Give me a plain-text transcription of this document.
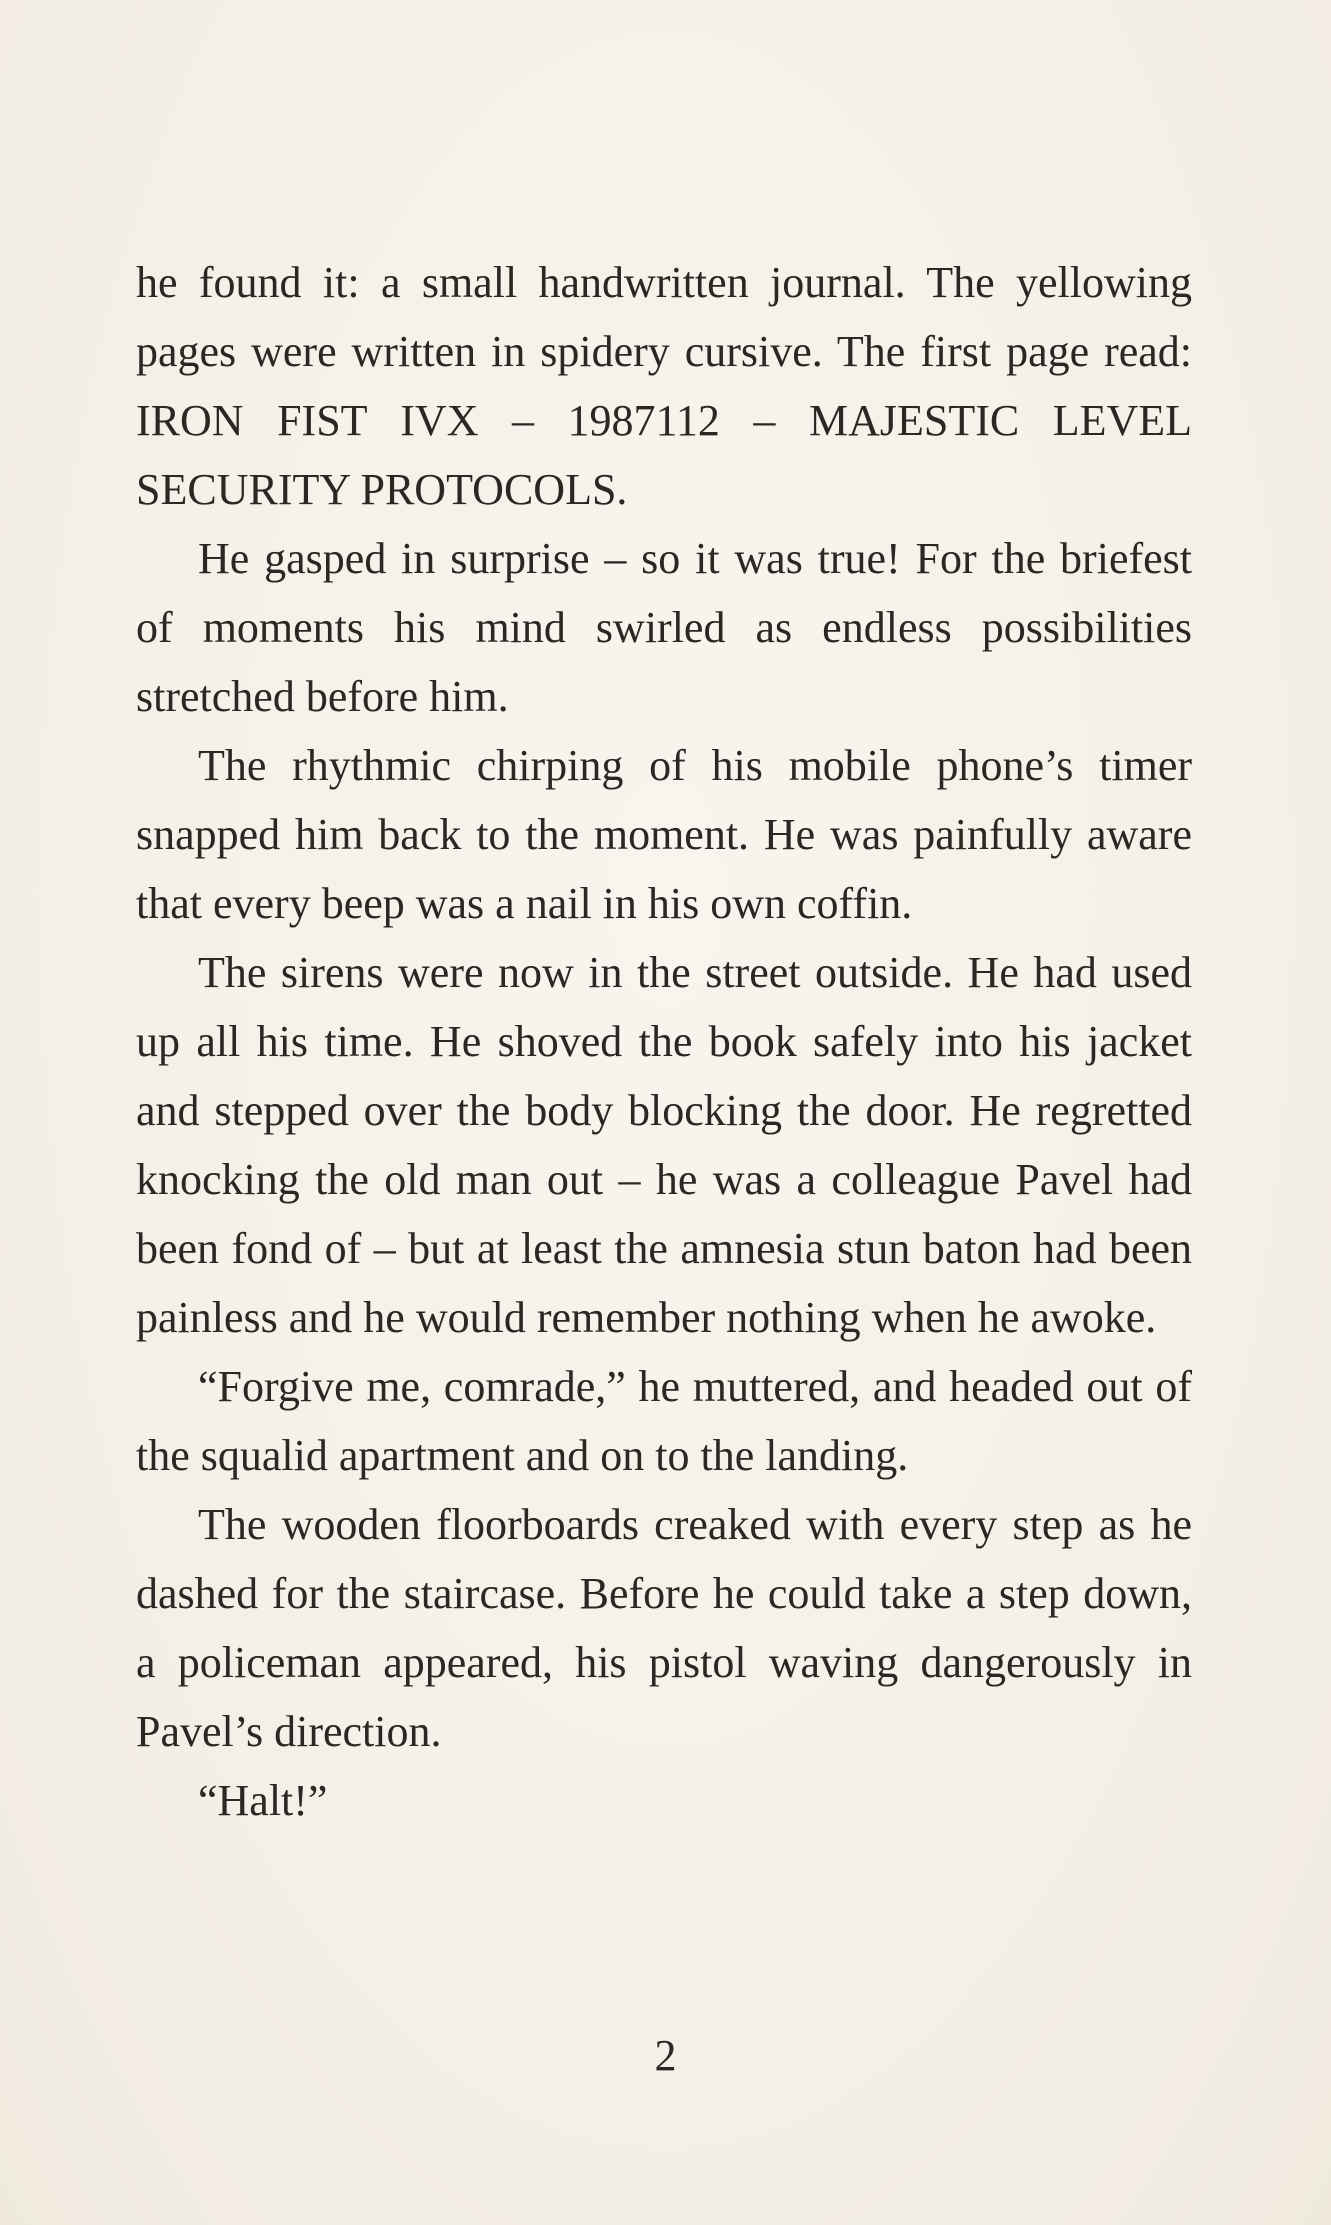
he found it: a small handwritten journal. The yellowing pages were written in spidery cursive. The first page read: IRON FIST IVX – 1987112 – MAJESTIC LEVEL SECURITY PROTOCOLS.

He gasped in surprise – so it was true! For the briefest of moments his mind swirled as endless possibilities stretched before him.

The rhythmic chirping of his mobile phone’s timer snapped him back to the moment. He was painfully aware that every beep was a nail in his own coffin.

The sirens were now in the street outside. He had used up all his time. He shoved the book safely into his jacket and stepped over the body blocking the door. He regretted knocking the old man out – he was a colleague Pavel had been fond of – but at least the amnesia stun baton had been painless and he would remember nothing when he awoke.

“Forgive me, comrade,” he muttered, and headed out of the squalid apartment and on to the landing.

The wooden floorboards creaked with every step as he dashed for the staircase. Before he could take a step down, a policeman appeared, his pistol waving dangerously in Pavel’s direction.

“Halt!”

2
